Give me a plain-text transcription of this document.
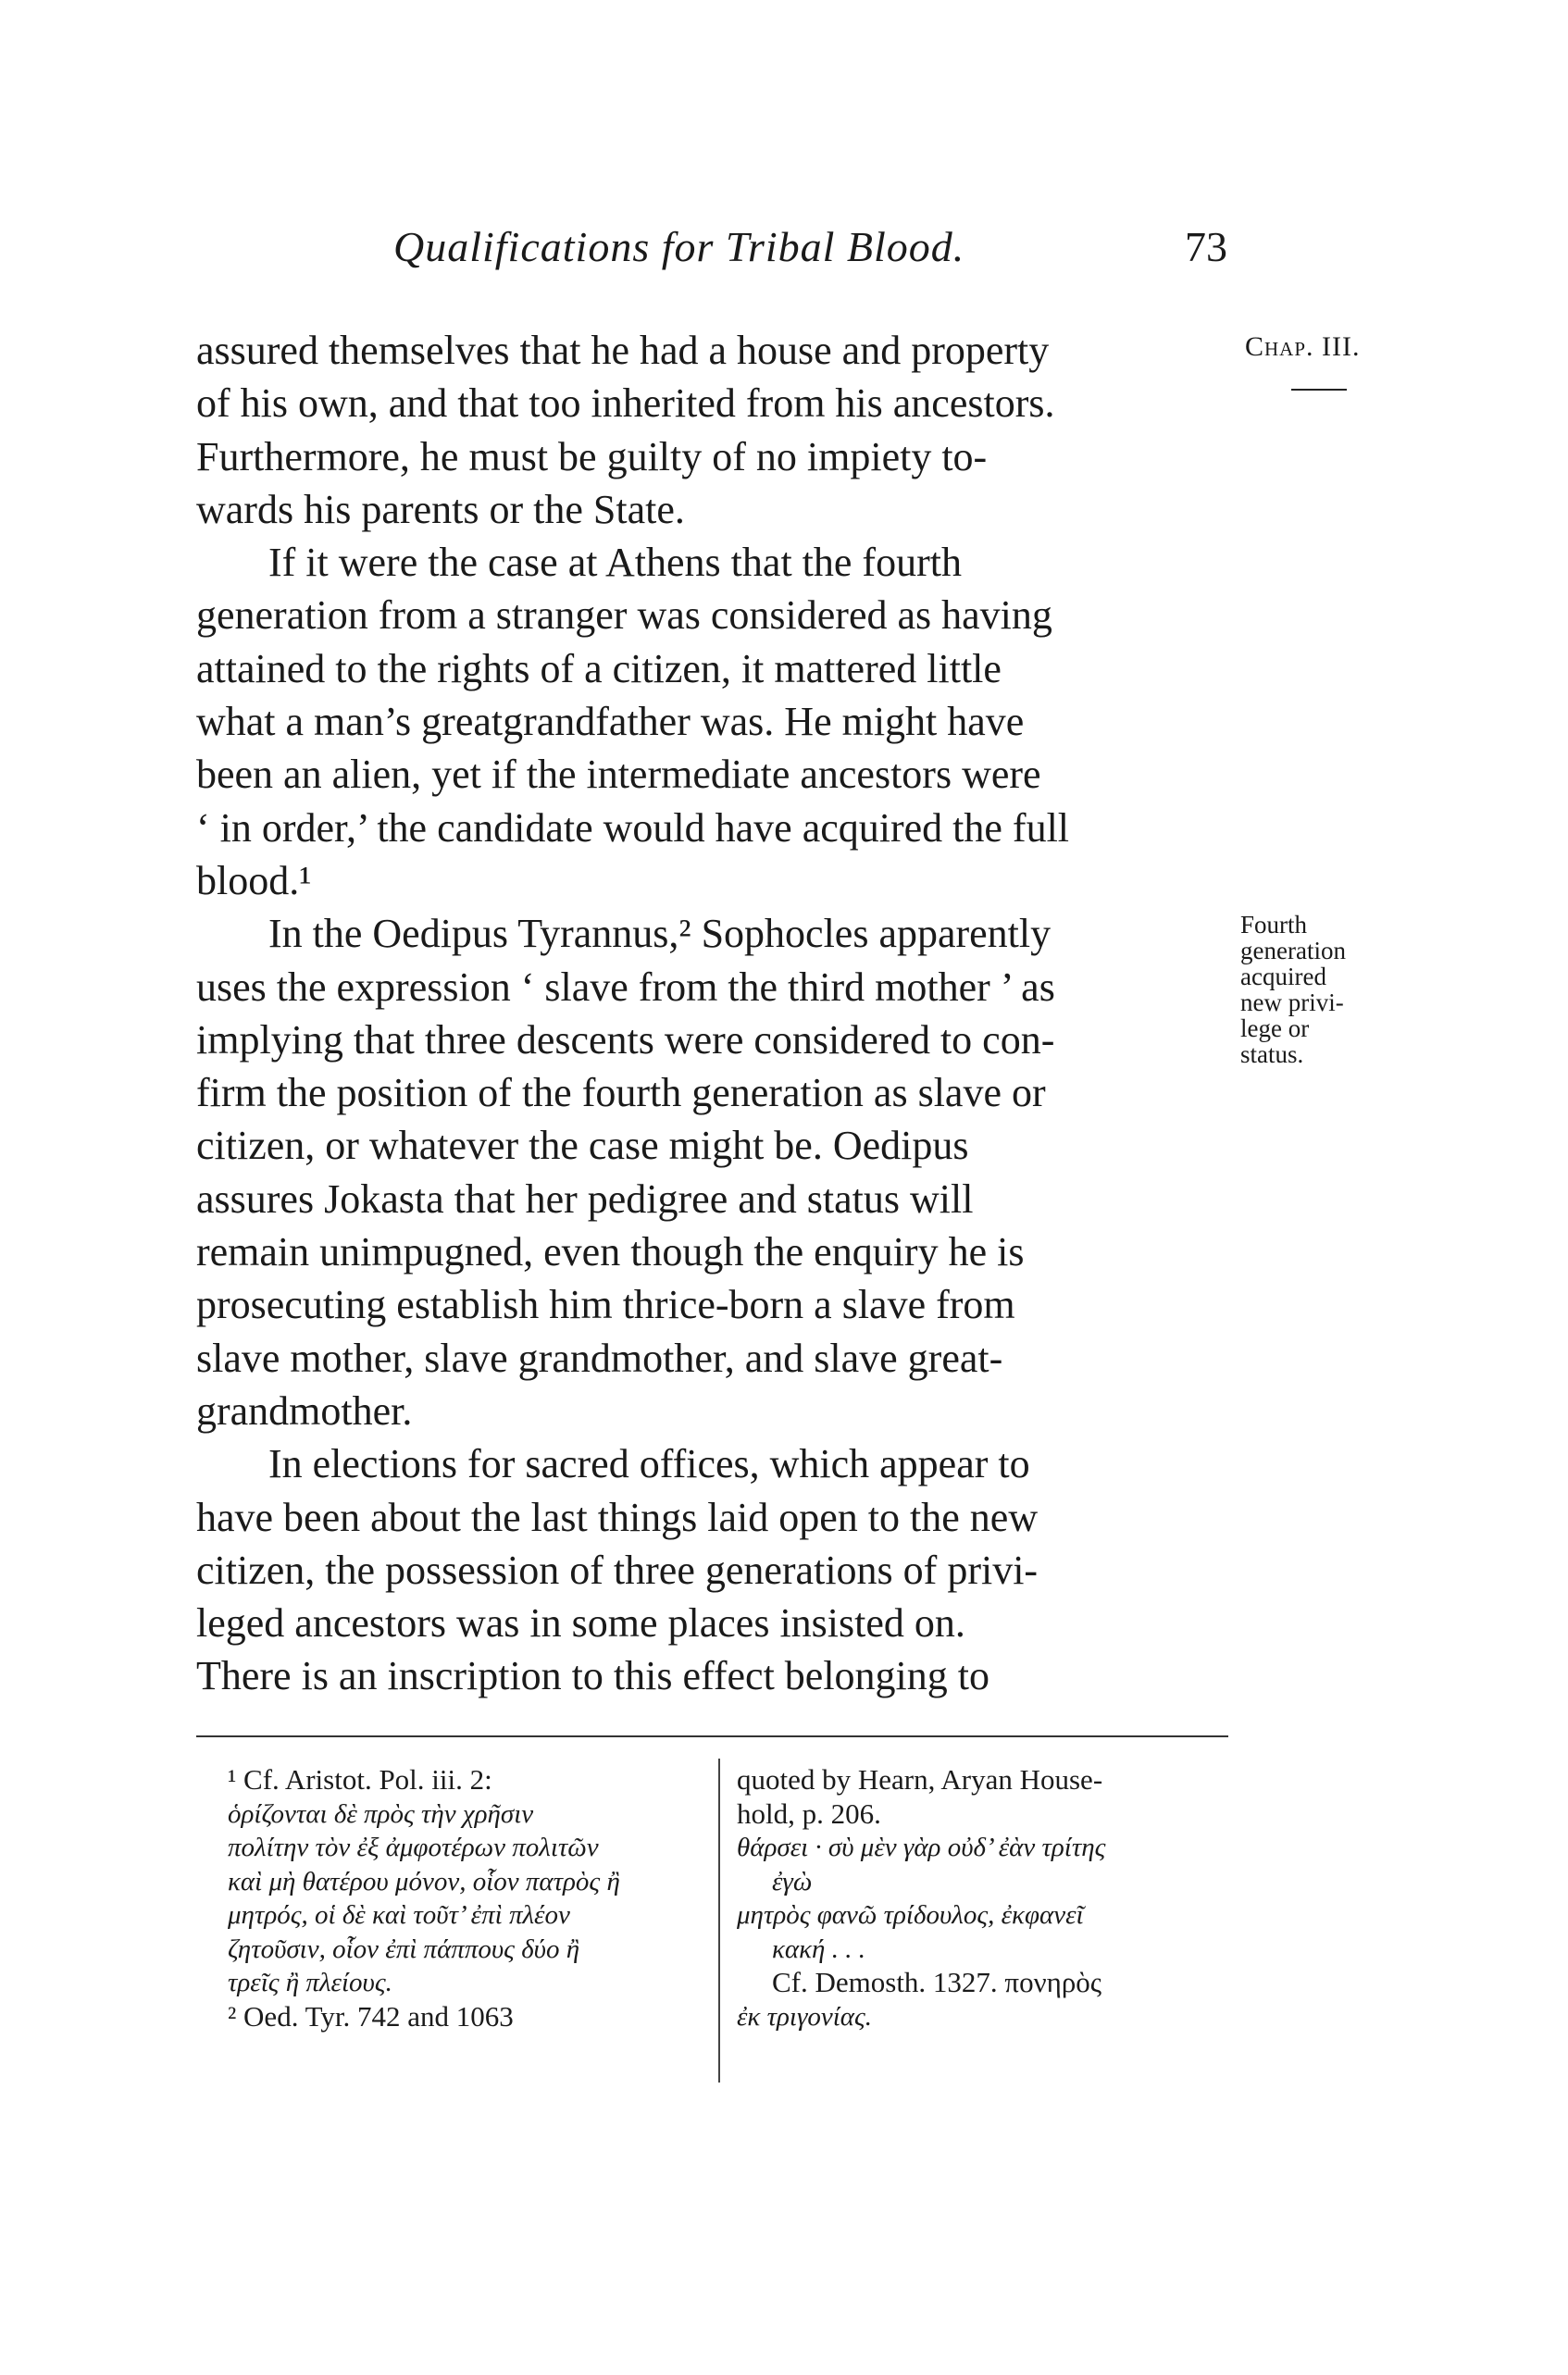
Qualifications for Tribal Blood.	73
Chap. III.
Fourth
generation
acquired
new privi-
lege or
status.

assured themselves that he had a house and property

of his own, and that too inherited from his ancestors.

Furthermore, he must be guilty of no impiety to-

wards his parents or the State.

If it were the case at Athens that the fourth

generation from a stranger was considered as having

attained to the rights of a citizen, it mattered little

what a man’s greatgrandfather was. He might have

been an alien, yet if the intermediate ancestors were

‘ in order,’ the candidate would have acquired the full

blood.¹

In the Oedipus Tyrannus,² Sophocles apparently

uses the expression ‘ slave from the third mother ’ as

implying that three descents were considered to con-

firm the position of the fourth generation as slave or

citizen, or whatever the case might be. Oedipus

assures Jokasta that her pedigree and status will

remain unimpugned, even though the enquiry he is

prosecuting establish him thrice-born a slave from

slave mother, slave grandmother, and slave great-

grandmother.

In elections for sacred offices, which appear to

have been about the last things laid open to the new

citizen, the possession of three generations of privi-

leged ancestors was in some places insisted on.

There is an inscription to this effect belonging to

¹ Cf. Aristot. Pol. iii. 2:
ὁρίζονται δὲ πρὸς τὴν χρῆσιν
πολίτην τὸν ἐξ ἀμφοτέρων πολιτῶν
καὶ μὴ θατέρου μόνον, οἷον πατρὸς ἢ
μητρός, οἱ δὲ καὶ τοῦτ’ ἐπὶ πλέον
ζητοῦσιν, οἷον ἐπὶ πάππους δύο ἢ
τρεῖς ἢ πλείους.
² Oed. Tyr. 742 and 1063
quoted by Hearn, Aryan House-
hold, p. 206.
θάρσει · σὺ μὲν γὰρ οὐδ’ ἐὰν τρίτης
ἐγὼ
μητρὸς φανῶ τρίδουλος, ἐκφανεῖ
κακή . . .
Cf. Demosth. 1327. πονηρὸς
ἐκ τριγονίας.
